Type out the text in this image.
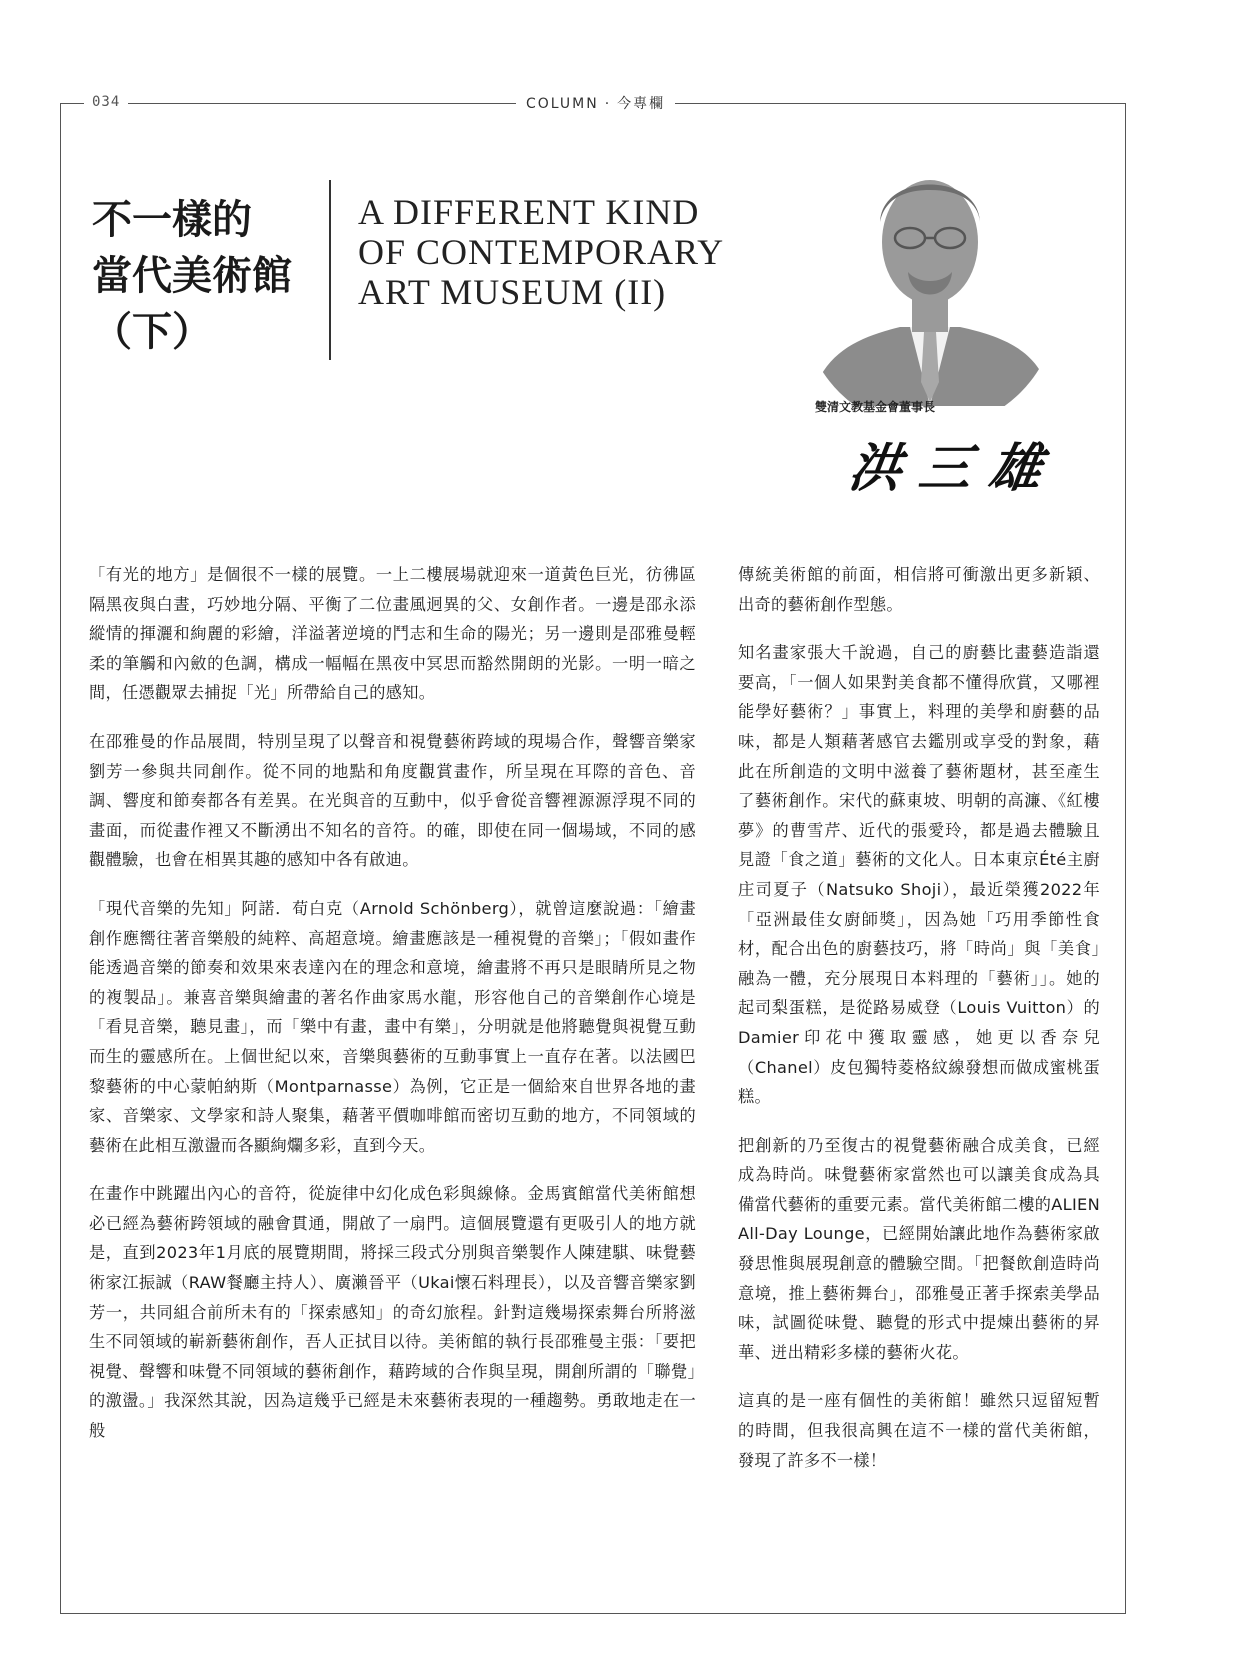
034	COLUMN · 今專欄
不一樣的
當代美術館
（下）
A DIFFERENT KIND
OF CONTEMPORARY
ART MUSEUM (II)
雙清文教基金會董事長
洪三雄

「有光的地方」是個很不一樣的展覽。一上二樓展場就迎來一道黃色巨光，彷彿區隔黑夜與白晝，巧妙地分隔、平衡了二位畫風迥異的父、女創作者。一邊是邵永添縱情的揮灑和絢麗的彩繪，洋溢著逆境的鬥志和生命的陽光；另一邊則是邵雅曼輕柔的筆觸和內斂的色調，構成一幅幅在黑夜中冥思而豁然開朗的光影。一明一暗之間，任憑觀眾去捕捉「光」所帶給自己的感知。

在邵雅曼的作品展間，特別呈現了以聲音和視覺藝術跨域的現場合作，聲響音樂家劉芳一參與共同創作。從不同的地點和角度觀賞畫作，所呈現在耳際的音色、音調、響度和節奏都各有差異。在光與音的互動中，似乎會從音響裡源源浮現不同的畫面，而從畫作裡又不斷湧出不知名的音符。的確，即使在同一個場域，不同的感觀體驗，也會在相異其趣的感知中各有啟迪。

「現代音樂的先知」阿諾．荀白克（Arnold Schönberg），就曾這麼說過：「繪畫創作應嚮往著音樂般的純粹、高超意境。繪畫應該是一種視覺的音樂」；「假如畫作能透過音樂的節奏和效果來表達內在的理念和意境，繪畫將不再只是眼睛所見之物的複製品」。兼喜音樂與繪畫的著名作曲家馬水龍，形容他自己的音樂創作心境是「看見音樂，聽見畫」，而「樂中有畫，畫中有樂」，分明就是他將聽覺與視覺互動而生的靈感所在。上個世紀以來，音樂與藝術的互動事實上一直存在著。以法國巴黎藝術的中心蒙帕納斯（Montparnasse）為例，它正是一個給來自世界各地的畫家、音樂家、文學家和詩人聚集，藉著平價咖啡館而密切互動的地方，不同領域的藝術在此相互激盪而各顯絢爛多彩，直到今天。

在畫作中跳躍出內心的音符，從旋律中幻化成色彩與線條。金馬賓館當代美術館想必已經為藝術跨領域的融會貫通，開啟了一扇門。這個展覽還有更吸引人的地方就是，直到2023年1月底的展覽期間，將採三段式分別與音樂製作人陳建騏、味覺藝術家江振誠（RAW餐廳主持人）、廣瀨晉平（Ukai懷石料理長），以及音響音樂家劉芳一，共同組合前所未有的「探索感知」的奇幻旅程。針對這幾場探索舞台所將滋生不同領域的嶄新藝術創作，吾人正拭目以待。美術館的執行長邵雅曼主張：「要把視覺、聲響和味覺不同領域的藝術創作，藉跨域的合作與呈現，開創所謂的「聯覺」的激盪。」我深然其說，因為這幾乎已經是未來藝術表現的一種趨勢。勇敢地走在一般

傳統美術館的前面，相信將可衝激出更多新穎、出奇的藝術創作型態。

知名畫家張大千說過，自己的廚藝比畫藝造詣還要高，「一個人如果對美食都不懂得欣賞，又哪裡能學好藝術？」事實上，料理的美學和廚藝的品味，都是人類藉著感官去鑑別或享受的對象，藉此在所創造的文明中滋養了藝術題材，甚至產生了藝術創作。宋代的蘇東坡、明朝的高濂、《紅樓夢》的曹雪芹、近代的張愛玲，都是過去體驗且見證「食之道」藝術的文化人。日本東京Été主廚庄司夏子（Natsuko Shoji），最近榮獲2022年「亞洲最佳女廚師獎」，因為她「巧用季節性食材，配合出色的廚藝技巧，將「時尚」與「美食」融為一體，充分展現日本料理的「藝術」」。她的起司梨蛋糕，是從路易威登（Louis Vuitton）的Damier印花中獲取靈感，她更以香奈兒（Chanel）皮包獨特菱格紋線發想而做成蜜桃蛋糕。

把創新的乃至復古的視覺藝術融合成美食，已經成為時尚。味覺藝術家當然也可以讓美食成為具備當代藝術的重要元素。當代美術館二樓的ALIEN All-Day Lounge，已經開始讓此地作為藝術家啟發思惟與展現創意的體驗空間。「把餐飲創造時尚意境，推上藝術舞台」，邵雅曼正著手探索美學品味，試圖從味覺、聽覺的形式中提煉出藝術的昇華、迸出精彩多樣的藝術火花。

這真的是一座有個性的美術館！雖然只逗留短暫的時間，但我很高興在這不一樣的當代美術館，發現了許多不一樣！
